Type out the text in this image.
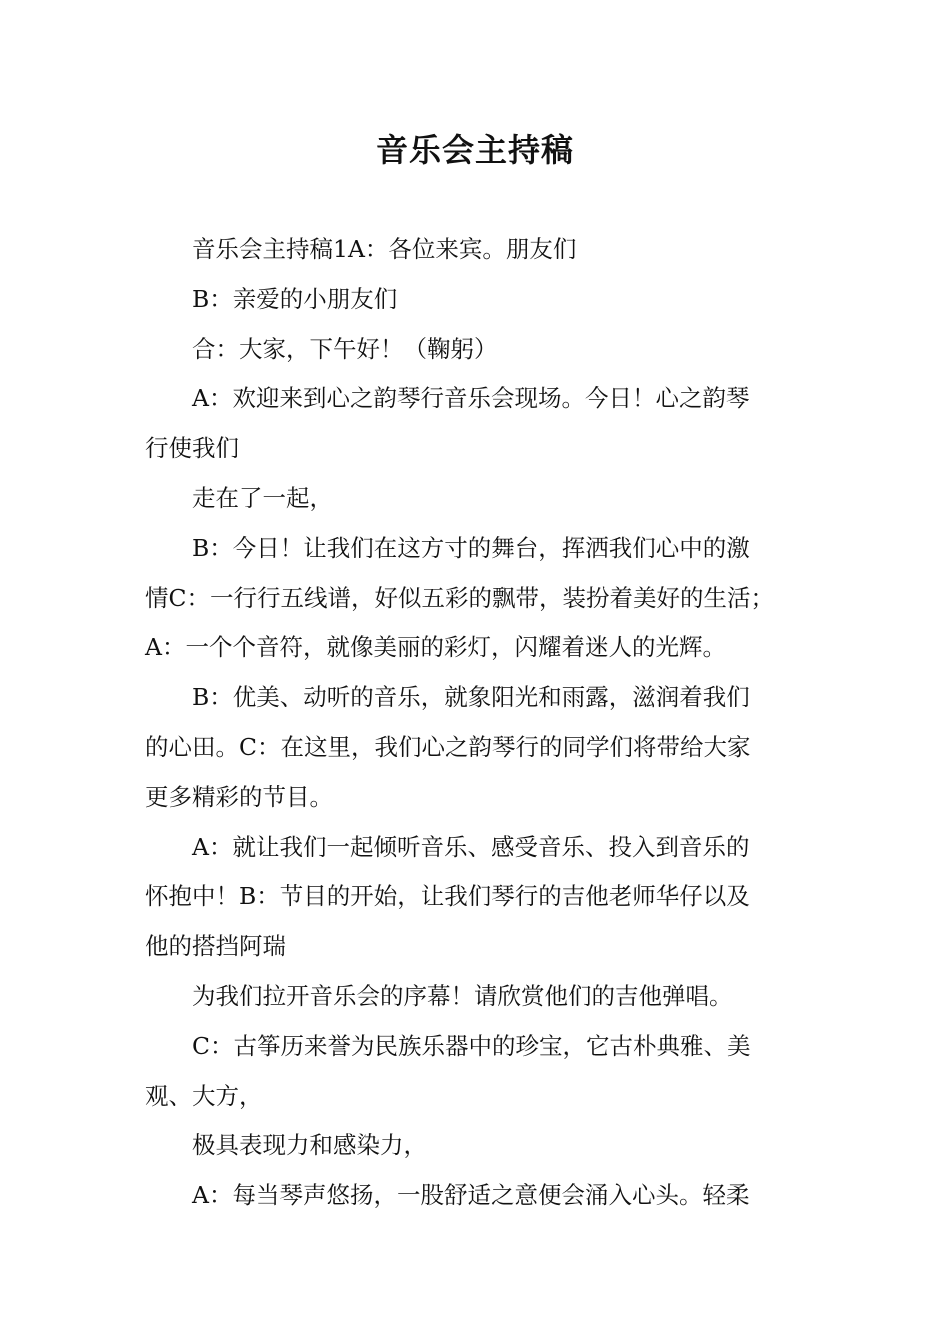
音乐会主持稿

音乐会主持稿1A：各位来宾。朋友们

B：亲爱的小朋友们

合：大家，下午好！（鞠躬）

A：欢迎来到心之韵琴行音乐会现场。今日！心之韵琴
行使我们

走在了一起，

B：今日！让我们在这方寸的舞台，挥洒我们心中的激
情C：一行行五线谱，好似五彩的飘带，装扮着美好的生活；
A：一个个音符，就像美丽的彩灯，闪耀着迷人的光辉。

B：优美、动听的音乐，就象阳光和雨露，滋润着我们
的心田。C：在这里，我们心之韵琴行的同学们将带给大家
更多精彩的节目。

A：就让我们一起倾听音乐、感受音乐、投入到音乐的
怀抱中！B：节目的开始，让我们琴行的吉他老师华仔以及
他的搭挡阿瑞

为我们拉开音乐会的序幕！请欣赏他们的吉他弹唱。

C：古筝历来誉为民族乐器中的珍宝，它古朴典雅、美
观、大方，

极具表现力和感染力，

A：每当琴声悠扬，一股舒适之意便会涌入心头。轻柔
